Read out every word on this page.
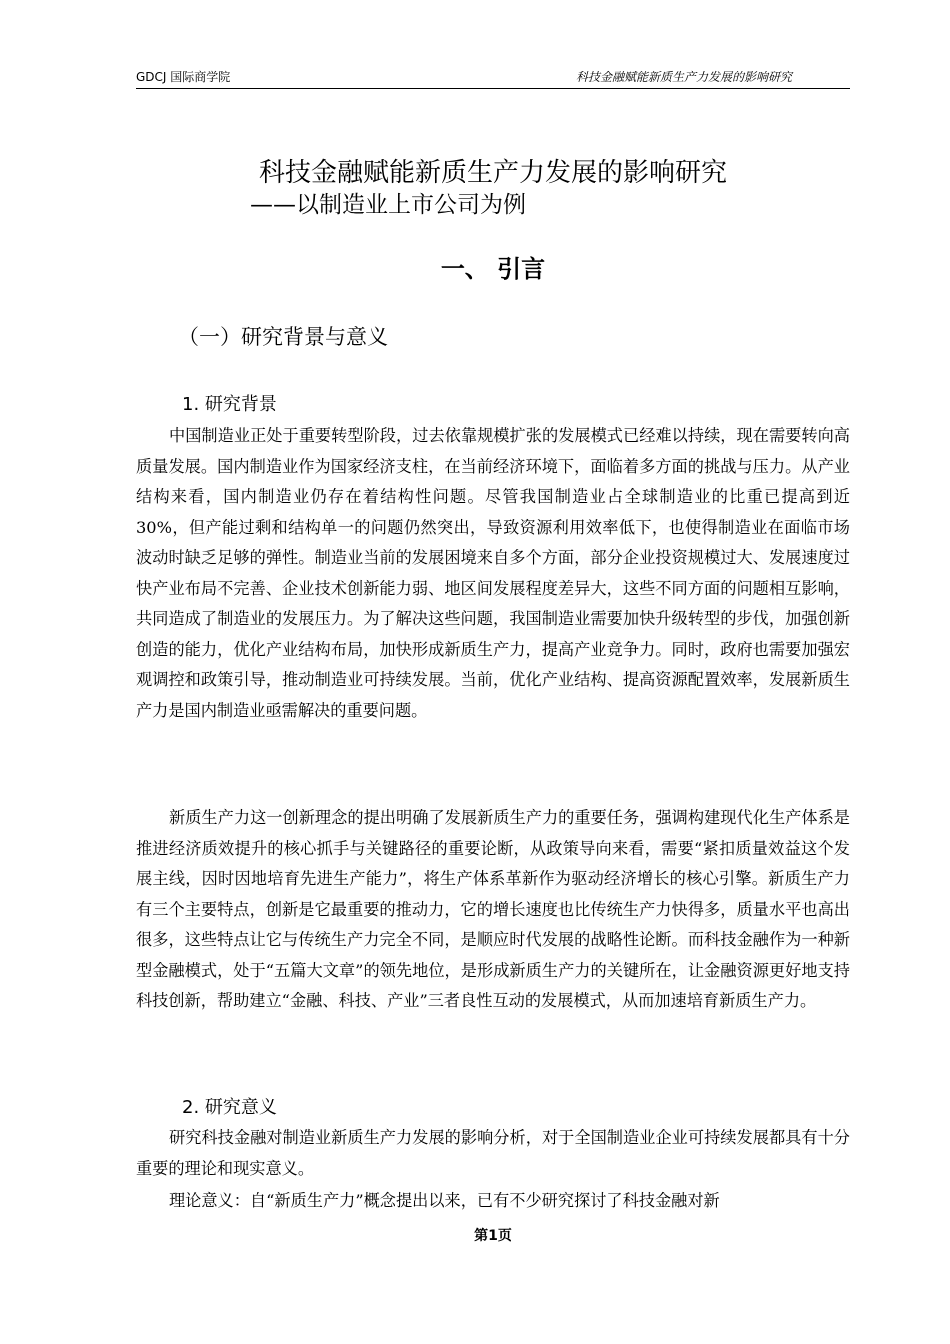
GDCJ 国际商学院	科技金融赋能新质生产力发展的影响研究
科技金融赋能新质生产力发展的影响研究
——以制造业上市公司为例
一、 引言
（一）研究背景与意义
1. 研究背景

中国制造业正处于重要转型阶段，过去依靠规模扩张的发展模式已经难以持续，现在需要转向高质量发展。国内制造业作为国家经济支柱，在当前经济环境下，面临着多方面的挑战与压力。从产业结构来看，国内制造业仍存在着结构性问题。尽管我国制造业占全球制造业的比重已提高到近30%，但产能过剩和结构单一的问题仍然突出，导致资源利用效率低下，也使得制造业在面临市场波动时缺乏足够的弹性。制造业当前的发展困境来自多个方面，部分企业投资规模过大、发展速度过快产业布局不完善、企业技术创新能力弱、地区间发展程度差异大，这些不同方面的问题相互影响，共同造成了制造业的发展压力。为了解决这些问题，我国制造业需要加快升级转型的步伐，加强创新创造的能力，优化产业结构布局，加快形成新质生产力，提高产业竞争力。同时，政府也需要加强宏观调控和政策引导，推动制造业可持续发展。当前，优化产业结构、提高资源配置效率，发展新质生产力是国内制造业亟需解决的重要问题。

新质生产力这一创新理念的提出明确了发展新质生产力的重要任务，强调构建现代化生产体系是推进经济质效提升的核心抓手与关键路径的重要论断，从政策导向来看，需要“紧扣质量效益这个发展主线，因时因地培育先进生产能力”，将生产体系革新作为驱动经济增长的核心引擎。新质生产力有三个主要特点，创新是它最重要的推动力，它的增长速度也比传统生产力快得多，质量水平也高出很多，这些特点让它与传统生产力完全不同，是顺应时代发展的战略性论断。而科技金融作为一种新型金融模式，处于“五篇大文章”的领先地位，是形成新质生产力的关键所在，让金融资源更好地支持科技创新，帮助建立“金融、科技、产业”三者良性互动的发展模式，从而加速培育新质生产力。

2. 研究意义

研究科技金融对制造业新质生产力发展的影响分析，对于全国制造业企业可持续发展都具有十分重要的理论和现实意义。

理论意义：自“新质生产力”概念提出以来，已有不少研究探讨了科技金融对新

第1页
